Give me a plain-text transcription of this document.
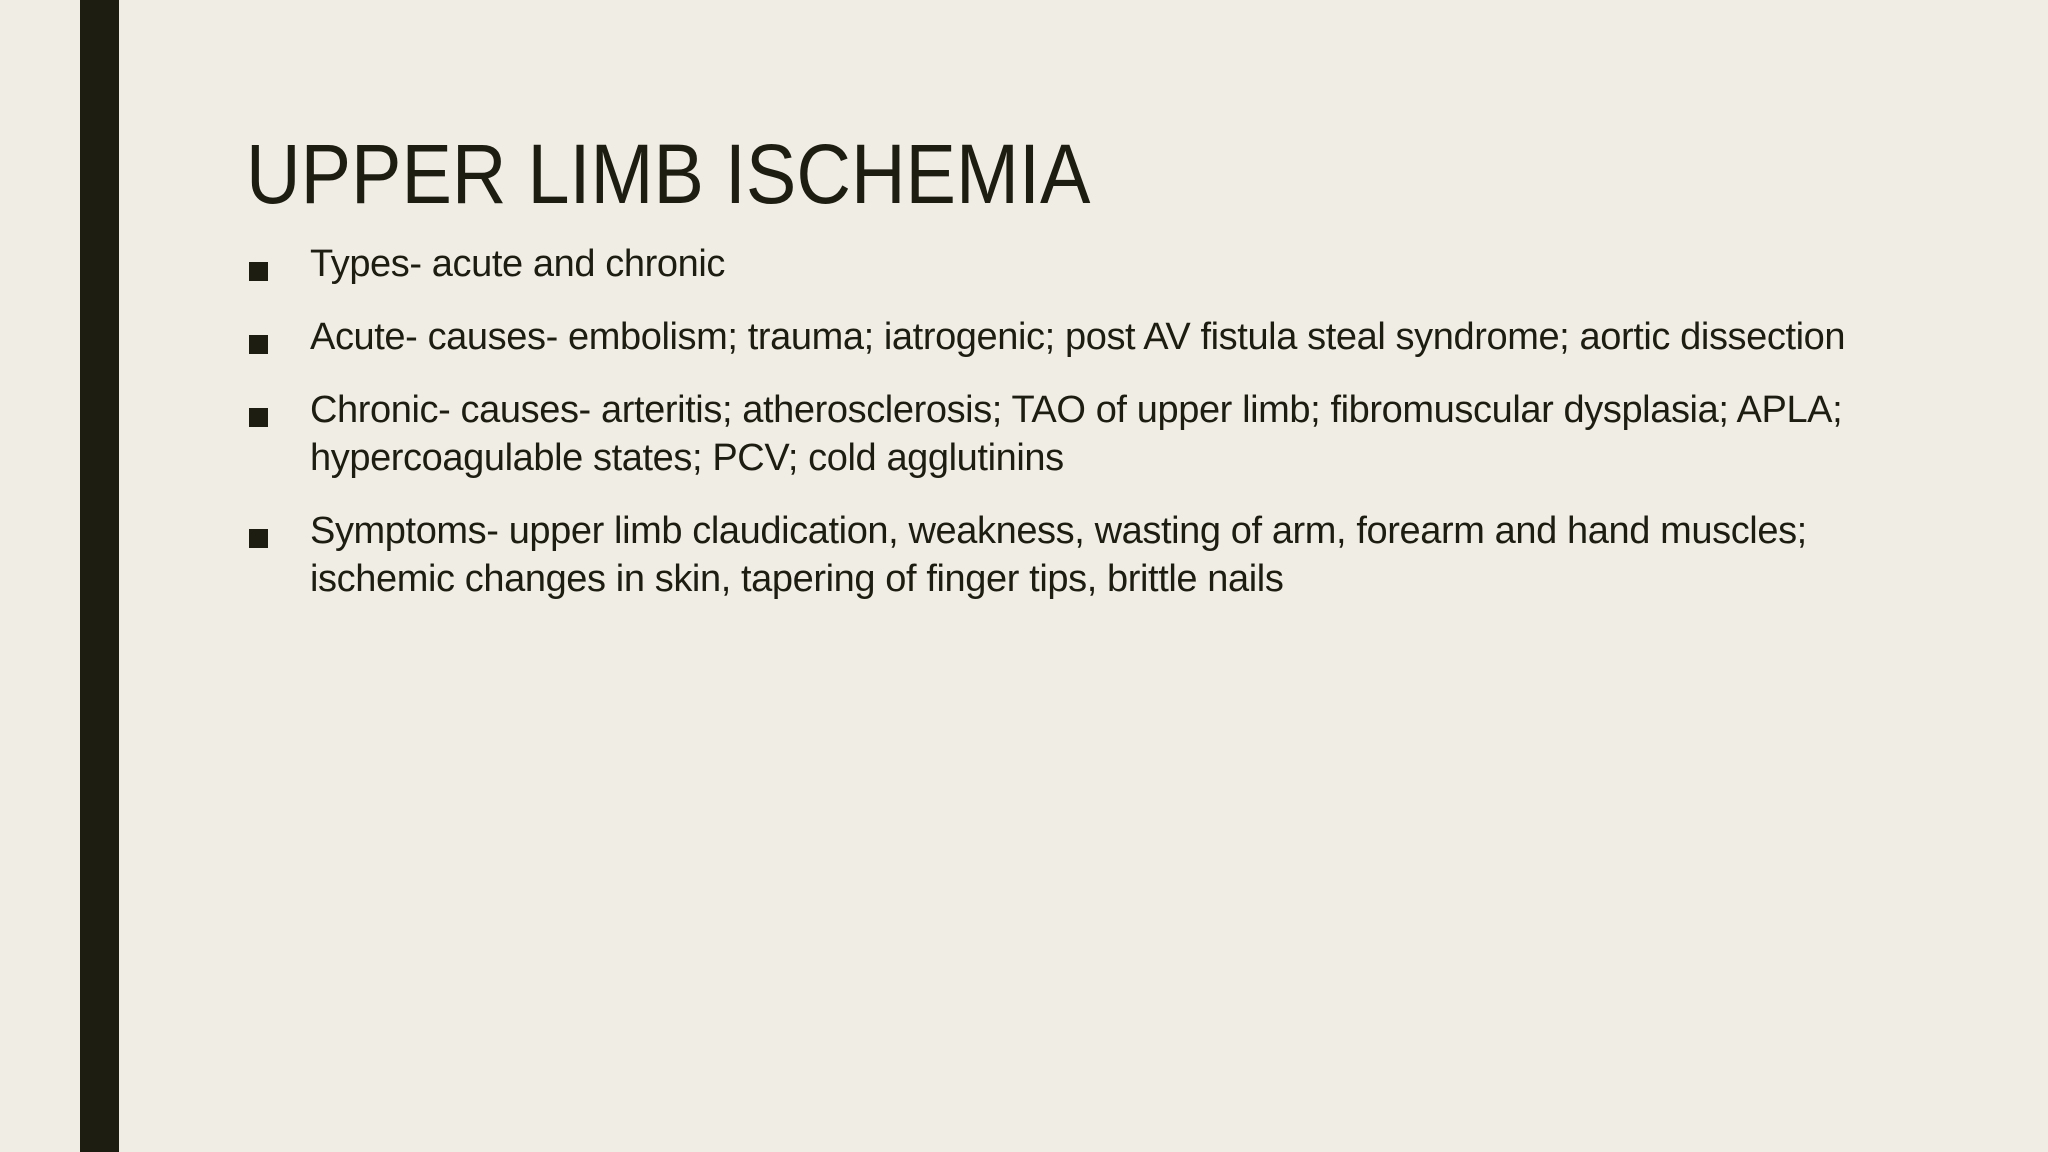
UPPER LIMB ISCHEMIA
Types- acute and chronic
Acute- causes- embolism; trauma; iatrogenic; post AV fistula steal syndrome; aortic dissection
Chronic- causes- arteritis; atherosclerosis; TAO of upper limb; fibromuscular dysplasia; APLA; hypercoagulable states; PCV; cold agglutinins
Symptoms- upper limb claudication, weakness, wasting of arm, forearm and hand muscles; ischemic changes in skin, tapering of finger tips, brittle nails
